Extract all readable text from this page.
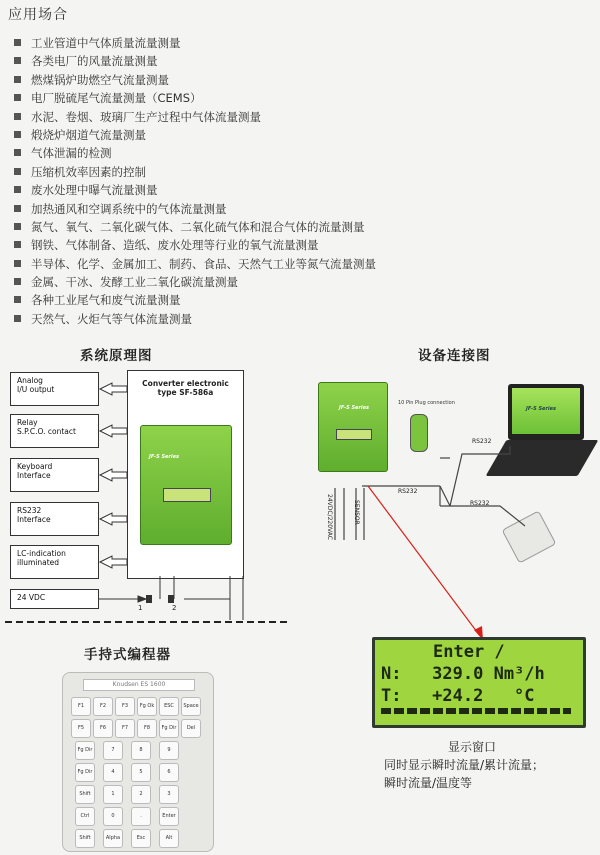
应用场合
工业管道中气体质量流量测量
各类电厂的风量流量测量
燃煤锅炉助燃空气流量测量
电厂脱硫尾气流量测量（CEMS）
水泥、卷烟、玻璃厂生产过程中气体流量测量
煅烧炉烟道气流量测量
气体泄漏的检测
压缩机效率因素的控制
废水处理中曝气流量测量
加热通风和空调系统中的气体流量测量
氮气、氧气、二氧化碳气体、二氧化硫气体和混合气体的流量测量
钢铁、气体制备、造纸、废水处理等行业的氧气流量测量
半导体、化学、金属加工、制药、食品、天然气工业等氮气流量测量
金属、干冰、发酵工业二氧化碳流量测量
各种工业尾气和废气流量测量
天然气、火炬气等气体流量测量
系统原理图
Analog
I/U output
Relay
S.P.C.O. contact
Keyboard
Interface
RS232
Interface
LC-indication
illuminated
24 VDC
Converter electronic
type SF-586a
JF-S Series
1	2
设备连接图
JF-S Series
10 Pin Plug connection
JF-S Series
RS232
RS232
RS232
24VDC/220VAC	SENSOR
Enter /
N:   329.0 Nm³/h
T:   +24.2   °C
显示窗口
同时显示瞬时流量/累计流量；
瞬时流量/温度等
手持式编程器
Knudsen ES 1600
F1	F2	F3	Fg Ok	ESC	Space
F5	F6	F7	F8	Fg Dir	Del
Fg Dir	7	8	9
Fg Dir	4	5	6
Shift	1	2	3
Ctrl	0	.	Enter
Shift	Alpha	Esc	Alt
